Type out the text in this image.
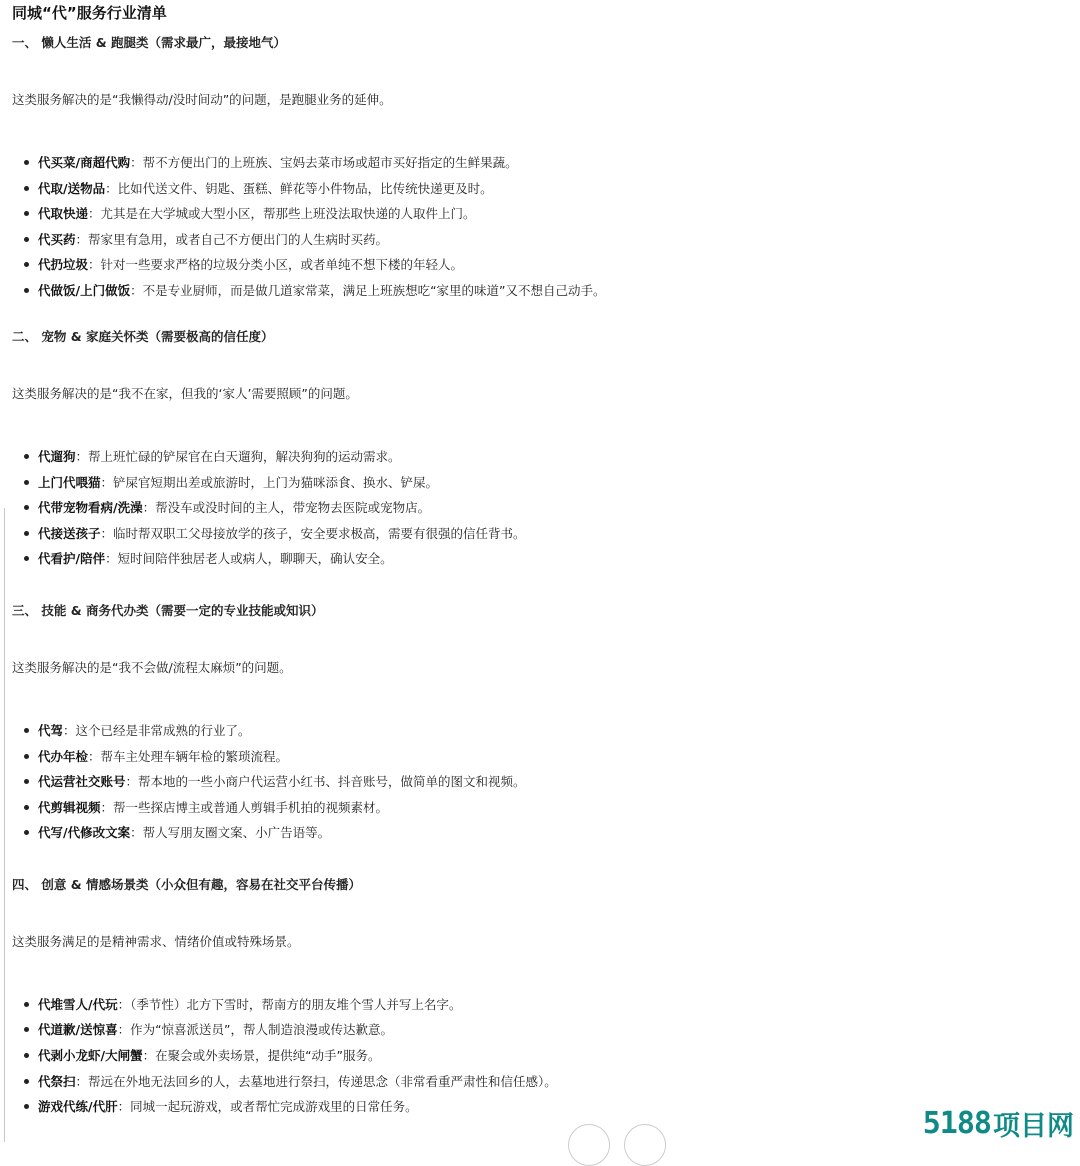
同城“代”服务行业清单
一、 懒人生活 & 跑腿类（需求最广，最接地气）

这类服务解决的是“我懒得动/没时间动”的问题，是跑腿业务的延伸。

代买菜/商超代购：帮不方便出门的上班族、宝妈去菜市场或超市买好指定的生鲜果蔬。
代取/送物品：比如代送文件、钥匙、蛋糕、鲜花等小件物品，比传统快递更及时。
代取快递：尤其是在大学城或大型小区，帮那些上班没法取快递的人取件上门。
代买药：帮家里有急用，或者自己不方便出门的人生病时买药。
代扔垃圾：针对一些要求严格的垃圾分类小区，或者单纯不想下楼的年轻人。
代做饭/上门做饭：不是专业厨师，而是做几道家常菜，满足上班族想吃“家里的味道”又不想自己动手。
二、 宠物 & 家庭关怀类（需要极高的信任度）

这类服务解决的是“我不在家，但我的‘家人’需要照顾”的问题。

代遛狗：帮上班忙碌的铲屎官在白天遛狗，解决狗狗的运动需求。
上门代喂猫：铲屎官短期出差或旅游时，上门为猫咪添食、换水、铲屎。
代带宠物看病/洗澡：帮没车或没时间的主人，带宠物去医院或宠物店。
代接送孩子：临时帮双职工父母接放学的孩子，安全要求极高，需要有很强的信任背书。
代看护/陪伴：短时间陪伴独居老人或病人，聊聊天，确认安全。
三、 技能 & 商务代办类（需要一定的专业技能或知识）

这类服务解决的是“我不会做/流程太麻烦”的问题。

代驾：这个已经是非常成熟的行业了。
代办年检：帮车主处理车辆年检的繁琐流程。
代运营社交账号：帮本地的一些小商户代运营小红书、抖音账号，做简单的图文和视频。
代剪辑视频：帮一些探店博主或普通人剪辑手机拍的视频素材。
代写/代修改文案：帮人写朋友圈文案、小广告语等。
四、 创意 & 情感场景类（小众但有趣，容易在社交平台传播）

这类服务满足的是精神需求、情绪价值或特殊场景。

代堆雪人/代玩：（季节性）北方下雪时，帮南方的朋友堆个雪人并写上名字。
代道歉/送惊喜：作为“惊喜派送员”，帮人制造浪漫或传达歉意。
代剥小龙虾/大闸蟹：在聚会或外卖场景，提供纯“动手”服务。
代祭扫：帮远在外地无法回乡的人，去墓地进行祭扫，传递思念（非常看重严肃性和信任感）。
游戏代练/代肝：同城一起玩游戏，或者帮忙完成游戏里的日常任务。	5188 项目网
